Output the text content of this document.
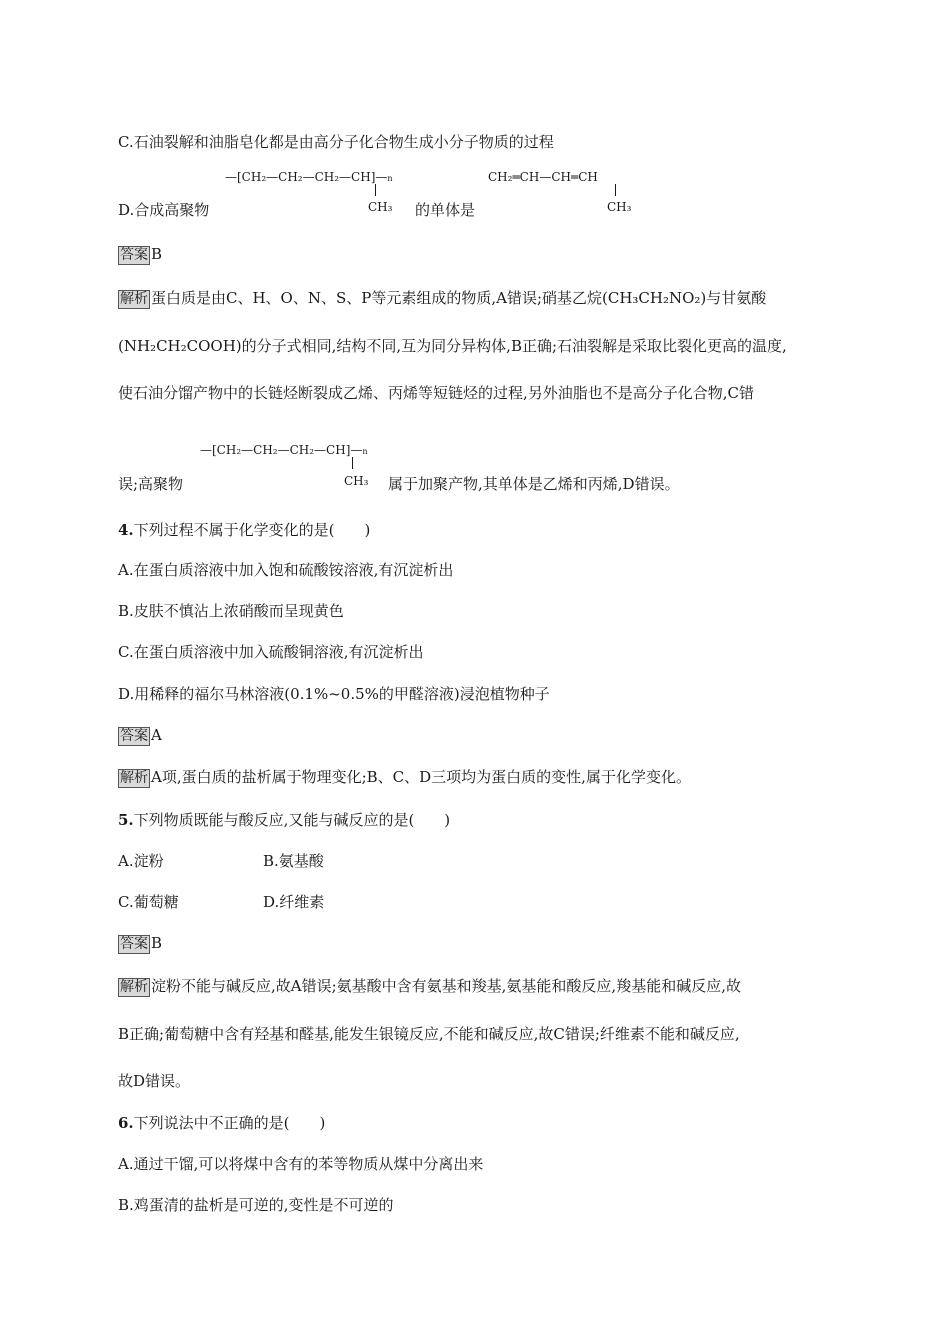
C.石油裂解和油脂皂化都是由高分子化合物生成小分子物质的过程
D.合成高聚物
—[CH₂—CH₂—CH₂—CH]—n
CH₃ 的单体是
CH₂═CH—CH═CH
CH₃
答案 B
解析 蛋白质是由C、H、O、N、S、P等元素组成的物质,A错误;硝基乙烷(CH₃CH₂NO₂)与甘氨酸
(NH₂CH₂COOH)的分子式相同,结构不同,互为同分异构体,B正确;石油裂解是采取比裂化更高的温度,
使石油分馏产物中的长链烃断裂成乙烯、丙烯等短链烃的过程,另外油脂也不是高分子化合物,C错
误;高聚物
—[CH₂—CH₂—CH₂—CH]—n
CH₃ 属于加聚产物,其单体是乙烯和丙烯,D错误。
4.下列过程不属于化学变化的是(　　)
A.在蛋白质溶液中加入饱和硫酸铵溶液,有沉淀析出
B.皮肤不慎沾上浓硝酸而呈现黄色
C.在蛋白质溶液中加入硫酸铜溶液,有沉淀析出
D.用稀释的福尔马林溶液(0.1%~0.5%的甲醛溶液)浸泡植物种子
答案 A
解析 A项,蛋白质的盐析属于物理变化;B、C、D三项均为蛋白质的变性,属于化学变化。
5.下列物质既能与酸反应,又能与碱反应的是(　　)
A.淀粉	B.氨基酸
C.葡萄糖	D.纤维素
答案 B
解析 淀粉不能与碱反应,故A错误;氨基酸中含有氨基和羧基,氨基能和酸反应,羧基能和碱反应,故
B正确;葡萄糖中含有羟基和醛基,能发生银镜反应,不能和碱反应,故C错误;纤维素不能和碱反应,
故D错误。
6.下列说法中不正确的是(　　)
A.通过干馏,可以将煤中含有的苯等物质从煤中分离出来
B.鸡蛋清的盐析是可逆的,变性是不可逆的
